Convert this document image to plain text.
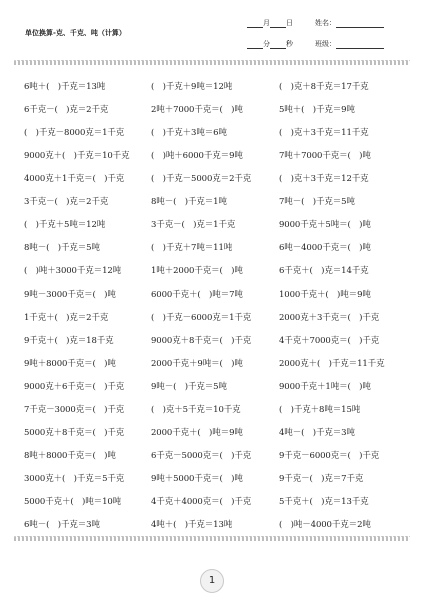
单位换算-克、千克、吨（计算）
月 日	姓名：
分 秒	班级：
6吨＋(　)千克＝13吨	(　)千克＋9吨＝12吨	(　)克＋8千克＝17千克
6千克－(　)克＝2千克	2吨＋7000千克＝(　)吨	5吨＋(　)千克＝9吨
(　)千克－8000克＝1千克	(　)千克＋3吨＝6吨	(　)克＋3千克＝11千克
9000克＋(　)千克＝10千克	(　)吨＋6000千克＝9吨	7吨＋7000千克＝(　)吨
4000克＋1千克＝(　)千克	(　)千克－5000克＝2千克	(　)克＋3千克＝12千克
3千克－(　)克＝2千克	8吨－(　)千克＝1吨	7吨－(　)千克＝5吨
(　)千克＋5吨＝12吨	3千克－(　)克＝1千克	9000千克＋5吨＝(　)吨
8吨－(　)千克＝5吨	(　)千克＋7吨＝11吨	6吨－4000千克＝(　)吨
(　)吨＋3000千克＝12吨	1吨＋2000千克＝(　)吨	6千克＋(　)克＝14千克
9吨－3000千克＝(　)吨	6000千克＋(　)吨＝7吨	1000千克＋(　)吨＝9吨
1千克＋(　)克＝2千克	(　)千克－6000克＝1千克	2000克＋3千克＝(　)千克
9千克＋(　)克＝18千克	9000克＋8千克＝(　)千克	4千克＋7000克＝(　)千克
9吨＋8000千克＝(　)吨	2000千克＋9吨＝(　)吨	2000克＋(　)千克＝11千克
9000克＋6千克＝(　)千克	9吨－(　)千克＝5吨	9000千克＋1吨＝(　)吨
7千克－3000克＝(　)千克	(　)克＋5千克＝10千克	(　)千克＋8吨＝15吨
5000克＋8千克＝(　)千克	2000千克＋(　)吨＝9吨	4吨－(　)千克＝3吨
8吨＋8000千克＝(　)吨	6千克－5000克＝(　)千克	9千克－6000克＝(　)千克
3000克＋(　)千克＝5千克	9吨＋5000千克＝(　)吨	9千克－(　)克＝7千克
5000千克＋(　)吨＝10吨	4千克＋4000克＝(　)千克	5千克＋(　)克＝13千克
6吨－(　)千克＝3吨	4吨＋(　)千克＝13吨	(　)吨－4000千克＝2吨
1
